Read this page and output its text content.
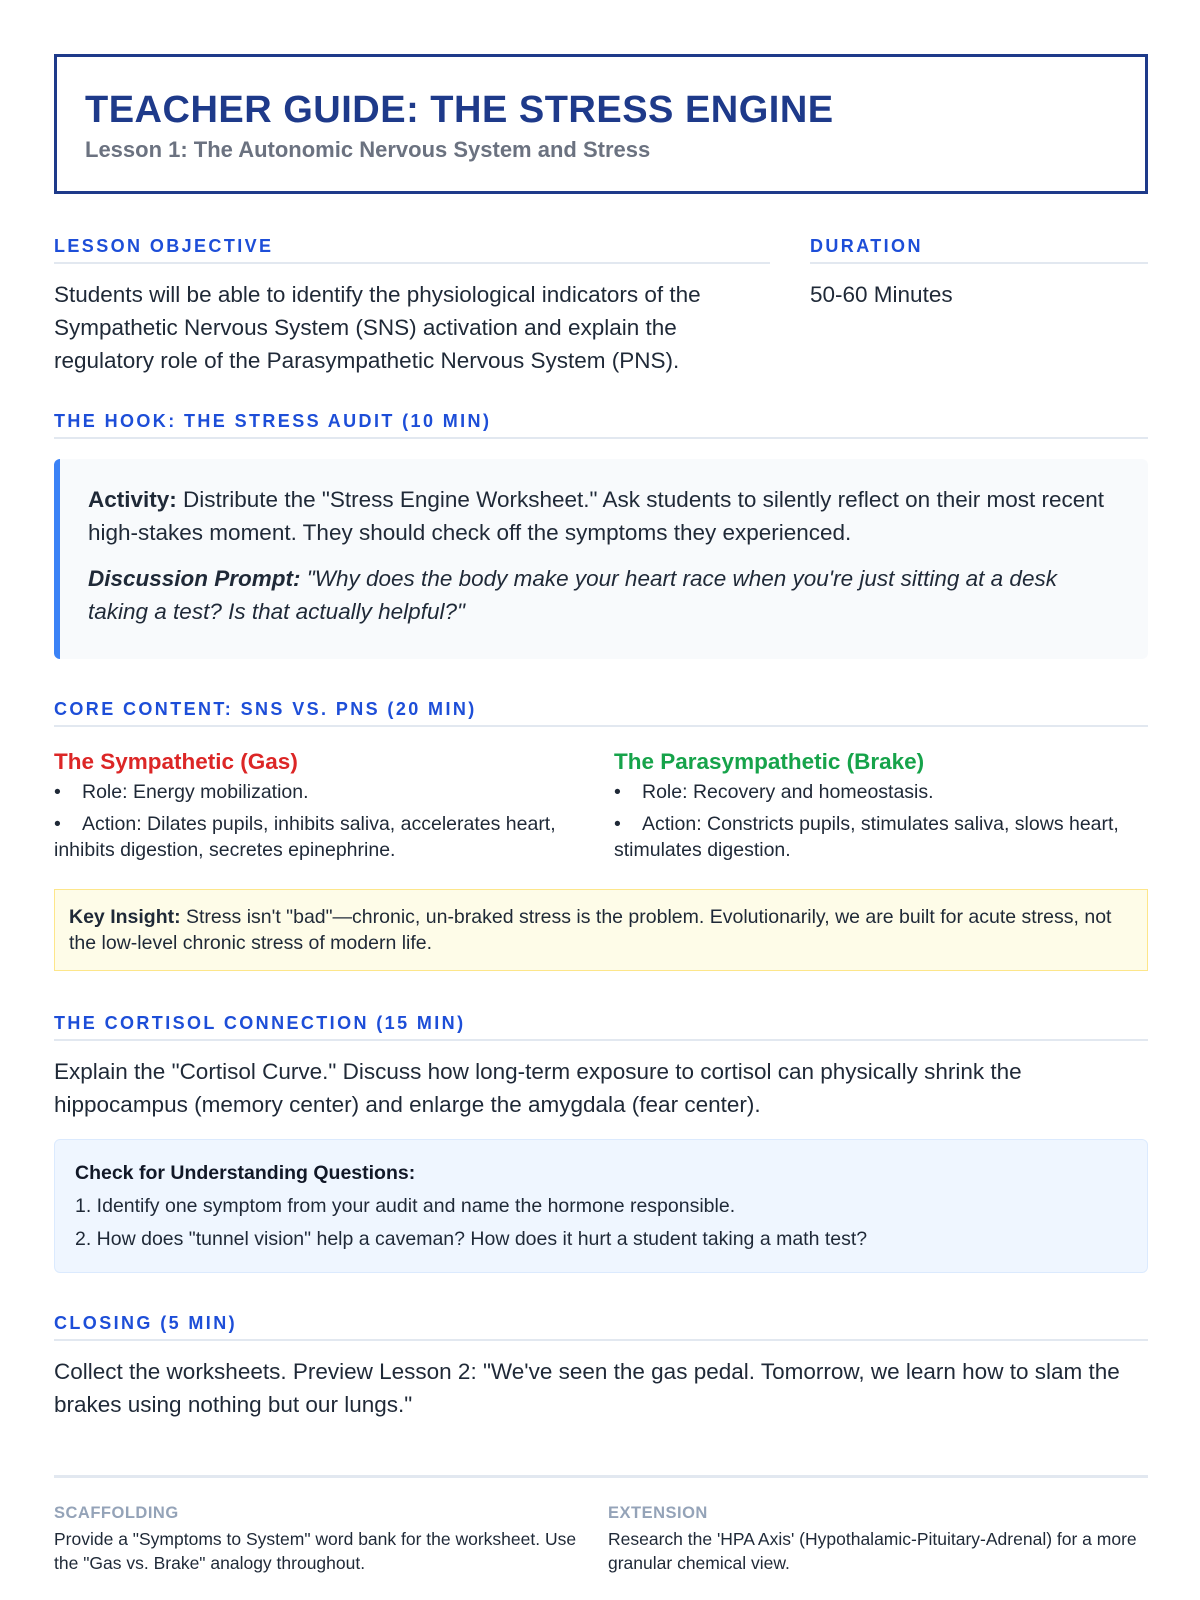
TEACHER GUIDE: THE STRESS ENGINE
Lesson 1: The Autonomic Nervous System and Stress
LESSON OBJECTIVE
Students will be able to identify the physiological indicators of the Sympathetic Nervous System (SNS) activation and explain the regulatory role of the Parasympathetic Nervous System (PNS).
DURATION
50-60 Minutes
THE HOOK: THE STRESS AUDIT (10 MIN)

Activity: Distribute the "Stress Engine Worksheet." Ask students to silently reflect on their most recent high-stakes moment. They should check off the symptoms they experienced.

Discussion Prompt: "Why does the body make your heart race when you're just sitting at a desk taking a test? Is that actually helpful?"

CORE CONTENT: SNS VS. PNS (20 MIN)
The Sympathetic (Gas)
• Role: Energy mobilization.
• Action: Dilates pupils, inhibits saliva, accelerates heart, inhibits digestion, secretes epinephrine.
The Parasympathetic (Brake)
• Role: Recovery and homeostasis.
• Action: Constricts pupils, stimulates saliva, slows heart, stimulates digestion.
Key Insight: Stress isn't "bad"—chronic, un-braked stress is the problem. Evolutionarily, we are built for acute stress, not the low-level chronic stress of modern life.
THE CORTISOL CONNECTION (15 MIN)
Explain the "Cortisol Curve." Discuss how long-term exposure to cortisol can physically shrink the hippocampus (memory center) and enlarge the amygdala (fear center).
Check for Understanding Questions:
1. Identify one symptom from your audit and name the hormone responsible.
2. How does "tunnel vision" help a caveman? How does it hurt a student taking a math test?
CLOSING (5 MIN)
Collect the worksheets. Preview Lesson 2: "We've seen the gas pedal. Tomorrow, we learn how to slam the brakes using nothing but our lungs."
SCAFFOLDING
Provide a "Symptoms to System" word bank for the worksheet. Use the "Gas vs. Brake" analogy throughout.
EXTENSION
Research the 'HPA Axis' (Hypothalamic-Pituitary-Adrenal) for a more granular chemical view.
